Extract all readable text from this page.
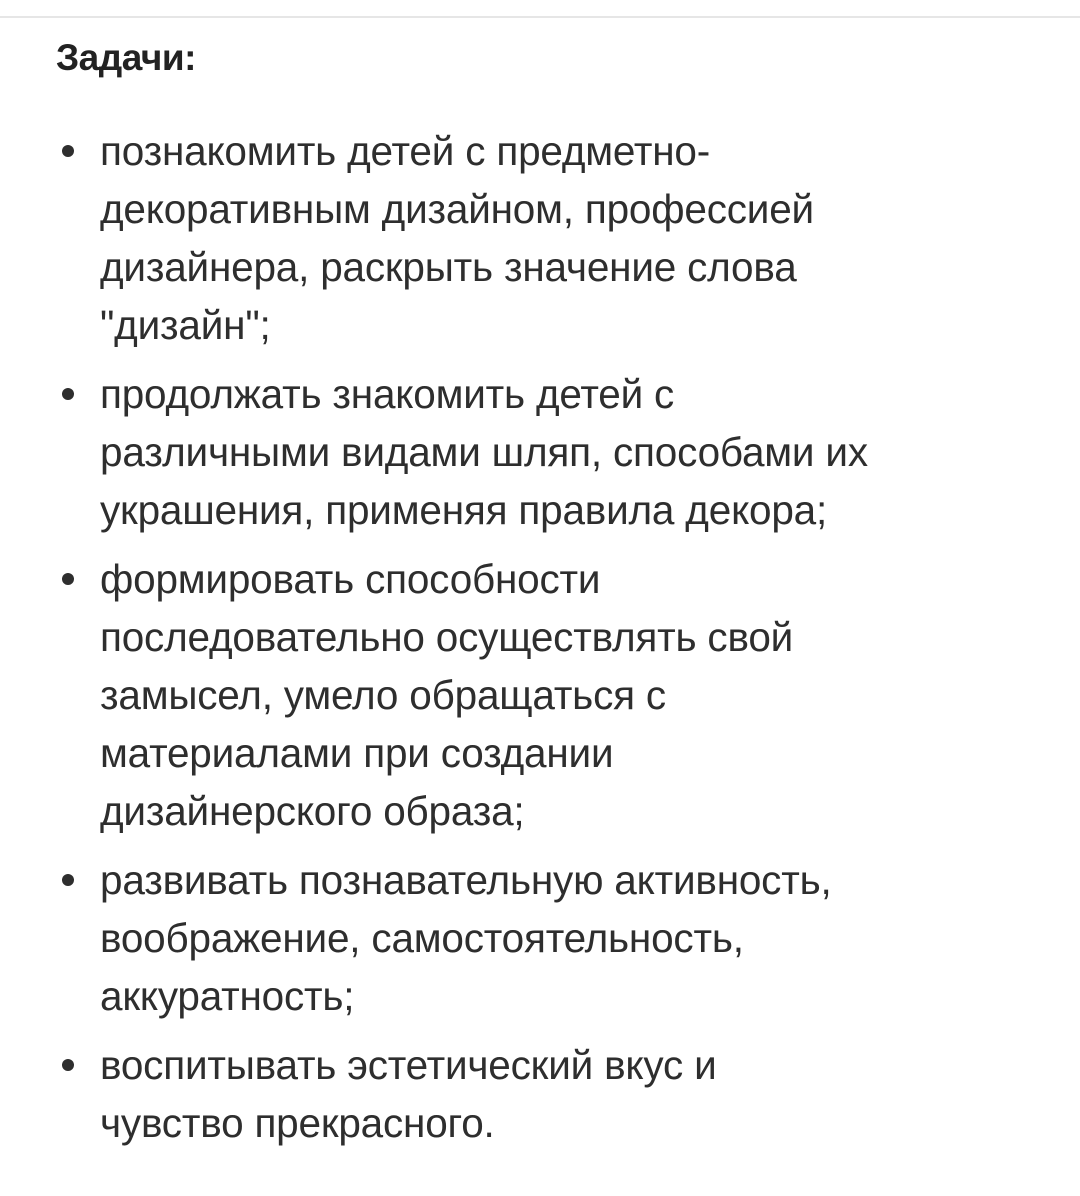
Задачи:
познакомить детей с предметно-
декоративным дизайном, профессией
дизайнера, раскрыть значение слова
"дизайн";
продолжать знакомить детей с
различными видами шляп, способами их
украшения, применяя правила декора;
формировать способности
последовательно осуществлять свой
замысел, умело обращаться с
материалами при создании
дизайнерского образа;
развивать познавательную активность,
воображение, самостоятельность,
аккуратность;
воспитывать эстетический вкус и
чувство прекрасного.
